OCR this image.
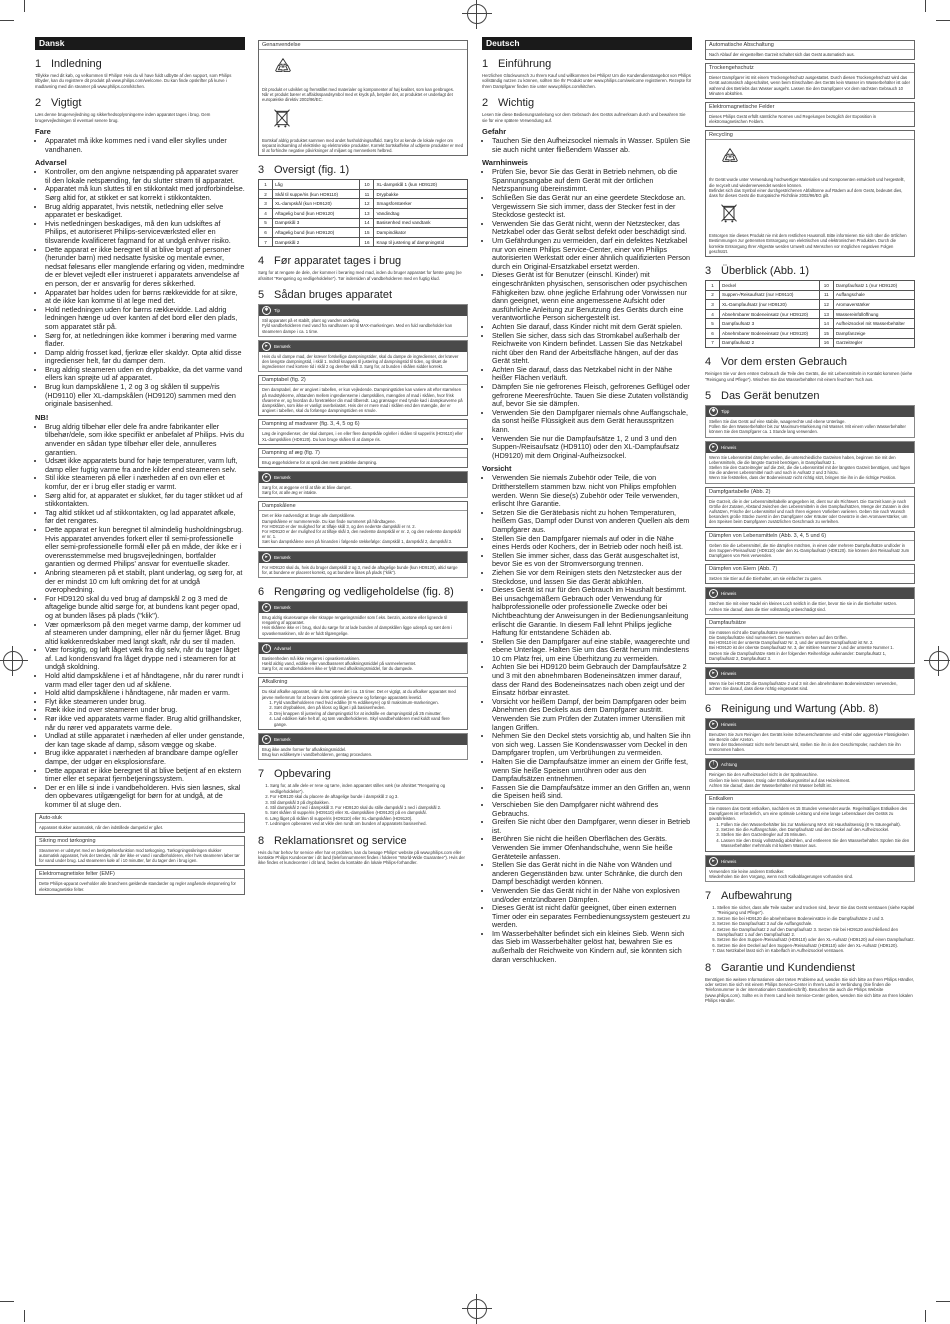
Dansk
1 Indledning

Tillykke med dit køb, og velkommen til Philips! Hvis du vil have fuldt udbytte af den support, som Philips tilbyder, kan du registrere dit produkt på www.philips.com/welcome. Du kan finde opskrifter på kurve i madlavning med din steamer på www.philips.com/kitchen.

2 Vigtigt

Læs denne brugervejledning og sikkerhedsoplysningerne inden apparatet tages i brug. Gem brugervejledningen til eventuel senere brug.

Fare
• Apparatet må ikke kommes ned i vand eller skylles under vandhanen.
Advarsel
• Kontroller, om den angivne netspænding på apparatet svarer til den lokale netspænding, før du slutter strøm til apparatet.
• Apparatet må kun sluttes til en stikkontakt med jordforbindelse. Sørg altid for, at stikket er sat korrekt i stikkontakten.
• Brug aldrig apparatet, hvis netstik, netledning eller selve apparatet er beskadiget.
• Hvis netledningen beskadiges, må den kun udskiftes af Philips, et autoriseret Philips-serviceværksted eller en tilsvarende kvalificeret fagmand for at undgå enhver risiko.
• Dette apparat er ikke beregnet til at blive brugt af personer (herunder børn) med nedsatte fysiske og mentale evner, nedsat følesans eller manglende erfaring og viden, medmindre de er blevet vejledt eller instrueret i apparatets anvendelse af en person, der er ansvarlig for deres sikkerhed.
• Apparatet bør holdes uden for børns rækkevidde for at sikre, at de ikke kan komme til at lege med det.
• Hold netledningen uden for børns rækkevidde. Lad aldrig ledningen hænge ud over kanten af det bord eller den plads, som apparatet står på.
• Sørg for, at netledningen ikke kommer i berøring med varme flader.
• Damp aldrig frosset kød, fjerkræ eller skaldyr. Optø altid disse ingredienser helt, før du damper dem.
• Brug aldrig steameren uden en drypbakke, da det varme vand ellers kan sprøjte ud af apparatet.
• Brug kun dampskålene 1, 2 og 3 og skålen til suppe/ris (HD9110) eller XL-dampskålen (HD9120) sammen med den originale basisenhed.
NB!
• Brug aldrig tilbehør eller dele fra andre fabrikanter eller tilbehør/dele, som ikke specifikt er anbefalet af Philips. Hvis du anvender en sådan type tilbehør eller dele, annulleres garantien.
• Udsæt ikke apparatets bund for høje temperaturer, varm luft, damp eller fugtig varme fra andre kilder end steameren selv.
• Stil ikke steameren på eller i nærheden af en ovn eller et komfur, der er i brug eller stadig er varmt.
• Sørg altid for, at apparatet er slukket, før du tager stikket ud af stikkontakten.
• Tag altid stikket ud af stikkontakten, og lad apparatet afkøle, før det rengøres.
• Dette apparat er kun beregnet til almindelig husholdningsbrug. Hvis apparatet anvendes forkert eller til semi-professionelle eller semi-professionelle formål eller på en måde, der ikke er i overensstemmelse med brugsvejledningen, bortfalder garantien og dermed Philips' ansvar for eventuelle skader.
• Anbring steameren på et stabilt, plant underlag, og sørg for, at der er mindst 10 cm luft omkring det for at undgå overophedning.
• For HD9120 skal du ved brug af dampskål 2 og 3 med de aftagelige bunde altid sørge for, at bundens kant peger opad, og at bunden låses på plads ("klik").
• Vær opmærksom på den meget varme damp, der kommer ud af steameren under dampning, eller når du fjerner låget. Brug altid køkkenredskaber med langt skaft, når du ser til maden.
• Vær forsigtig, og løft låget væk fra dig selv, når du tager låget af. Lad kondensvand fra låget dryppe ned i steameren for at undgå skoldning.
• Hold altid dampskålene i et af håndtagene, når du rører rundt i varm mad eller tager den ud af skålene.
• Hold altid dampskålene i håndtagene, når maden er varm.
• Flyt ikke steameren under brug.
• Ræk ikke ind over steameren under brug.
• Rør ikke ved apparatets varme flader. Brug altid grillhandsker, når du rører ved apparatets varme dele.
• Undlad at stille apparatet i nærheden af eller under genstande, der kan tage skade af damp, såsom vægge og skabe.
• Brug ikke apparatet i nærheden af brandbare dampe og/eller dampe, der udgør en eksplosionsfare.
• Dette apparat er ikke beregnet til at blive betjent af en ekstern timer eller et separat fjernbetjeningssystem.
• Der er en lille si inde i vandbeholderen. Hvis sien løsnes, skal den opbevares utilgængeligt for børn for at undgå, at de kommer til at sluge den.
Auto-sluk
Apparatet slukker automatisk, når den indstillede dampetid er gået.
Sikring mod tørkogning
Steameren er udstyret med en beskyttelsesfunktion mod tørkogning. Tørkogningssikringen slukker automatisk apparatet, hvis der tændes, når der ikke er vand i vandbeholderen, eller hvis steameren løber tør for vand under brug. Lad steameren køle af i 10 minutter, før du tager den i brug igen.
Elektromagnetiske felter (EMF)
Dette Philips-apparat overholder alle branchens gældende standarder og regler angående eksponering for elektromagnetiske felter.
Genanvendelse
Dit produkt er udviklet og fremstillet med materialer og komponenter af høj kvalitet, som kan genbruges.
Når et produkt bærer et affaldsspandsymbol med et kryds på, betyder det, at produktet er underlagt det europæiske direktiv 2002/96/EC.
Bortskaf aldrig produktet sammen med andet husholdningsaffald. Sørg for at kende de lokale regler om separat indsamling af elektriske og elektroniske produkter. Korrekt bortskaffelse af udtjente produkter er med til at forhindre negative påvirkninger af miljøet og menneskers helbred.
3 Oversigt (fig. 1)
1	Låg	10	XL-dampskål 1 (kun HD9120)
2	Skål til suppe/ris (kun HD9110)	11	Drypbakke
3	XL-dampskål (kun HD9120)	12	Smagsforstærker
4	Aftagelig bund (kun HD9120)	13	Vandindtag
5	Dampskål 3	14	Basisenhed med vandtank
6	Aftagelig bund (kun HD9120)	15	Dampindikator
7	Dampskål 2	16	Knap til justering af dampningstid
4 Før apparatet tages i brug

Sørg for at rengøre de dele, der kommer i berøring med mad, inden du bruger apparatet for første gang (se afsnittet "Rengøring og vedligeholdelse"). Tør indersiden af vandbeholderen med en fugtig klud.

5 Sådan bruges apparatet
✱	Tip
Stil apparatet på et stabilt, plant og vandret underlag.
Fyld vandbeholderen med vand fra vandhanen op til MAX-markeringen. Med en fuld vandbeholder kan steameren dampe i ca. 1 time.
▸	Bemærk
Hvis du vil dampe mad, der kræver forskellige dampningstider, skal du dampe de ingredienser, der kræver den længste dampningstid, i skål 1. Indstil knappen til justering af dampningstid til tiden, og tilsæt de ingredienser med kortere tid i skål 2 og derefter skål 3. Sørg for, at bunden i skålen sidder korrekt.
Damptabel (fig. 2)
Den damptabel, der er angivet i tabellen, er kun vejledende. Dampningstiden kan variere alt efter størrelsen på madstykkerne, afstanden mellem ingredienserne i dampskålen, mængden af mad i skålen, hvor frisk råvarerne er, og hvordan du foretrækker din mad tilberedt. Lag grønsager med tynde kød i dampkurverne på dampskålen, som ikke er vanligt overbelastet. Hvis der er mere mad i skålen end den mængde, der er angivet i tabellen, skal du forlænge dampningstiden en smule.
Dampning af madvarer (fig. 3, 4, 5 og 6)
Læg de ingredienser, der skal dampes, i en eller flere dampskåle og/eller i skålen til suppe/ris (HD9110) eller XL-dampskålen (HD9120). Du kan bruge skålen til at dampe ris.
Dampning af æg (fig. 7)
Brug æggeholderne for at opnå den mest praktiske dampning.
▸	Bemærk
Sørg for, at æggene er til at tåle at blive dampet.
Sørg for, at alle æg er intakte.
Dampskålene
Det er ikke nødvendigt at bruge alle dampskålene.
Dampskålene er nummererede. Du kan finde nummeret på håndtagene.
For HD9110 er der mulighed for at tilføje skål 3, og den nederste dampskål er nr. 2.
For HD9120 er der mulighed for at tilføje skål 3, den nederste dampskål er nr. 2, og den nederste dampskål er nr. 1.
Sæt kun dampskålene oven på hinanden i følgende rækkefølge: dampskål 1, dampskål 2, dampskål 3.
▸	Bemærk
For HD9120 skal du, hvis du bruger dampskål 2 og 3, med de aftagelige bunde (kun HD9120), altid sørge for, at bundene er placeret korrekt, og at bundene låses på plads ("klik").
6 Rengøring og vedligeholdelse (fig. 8)
▸	Bemærk
Brug aldrig skuresvampe eller skrappe rengøringsmidler som f.eks. benzin, acetone eller lignende til rengøring af apparatet.
Hvis skålene ikke er i brug, skal du sørge for at lade bunden af dampskålen ligge udenpå og sæt dem i opvaskemaskinen, når de er fuldt tilgængelige.
!	Advarsel
Basisenheden må ikke rengøres i opvaskemaskinen.
Hæld aldrig vand, eddike eller vandbasseret afkalkningsmiddel på varmeelementet.
Sørg for, at vandbeholderen ikke er fyldt med afkalkningsmiddel, før du dampede.
Afkalkning
Du skal afkalke apparatet, når du har været det i ca. 15 timer. Det er vigtigt, at du afkalker apparatet med jævne mellemrum for at bevare dets optimale ydeevne og forlænge apparatets levetid.
1. Fyld vandbeholderen med hvid eddike (8 % eddikesyre) op til maksimum-markeringen.
2. Sæt drypbakken, den på kloss og låget i på basisenheden.
3. Drej knappen til justering af dampningstid for at indstille en dampningstid på 25 minutter.
4. Lad eddiken køle helt af, og tøm vandbeholderen. Skyl vandbeholderen med koldt vand flere gange.
▸	Bemærk
Brug ikke andre former for afkalkningsmiddel.
Brug kun eddikesyre i vandbeholderen, gentag proceduren.
7 Opbevaring
1. Sørg for, at alle dele er rene og tørre, inden apparatet stilles væk (se afsnittet "Rengøring og vedligeholdelse").
2. For HD9120 skal du placere de aftagelige bunde i dampskål 2 og 3.
3. Stil dampskål 3 på drypbakken.
4. Stil dampskål 2 ned i dampskål 3. For HD9120 skal du stille dampskål 1 ned i dampskål 2.
5. Sæt skålen til suppe/ris (HD9110) eller XL-dampskålen (HD9120) på en dampskål.
6. Læg låget på skålen til suppe/ris (HD9110) eller XL-dampskålen (HD9120).
7. Ledningen opbevares ved at vikle den rundt om bunden af apparatets basisenhed.
8 Reklamationsret og service

Hvis du har behov for service eller har et problem, kan du besøge Philips' website på www.philips.com eller kontakte Philips Kundecenter i dit land (telefonnummeret findes i folderen "World-Wide Guarantee"). Hvis der ikke findes et kundecenter i dit land, bedes du kontakte din lokale Philips-forhandler.

Deutsch
1 Einführung

Herzlichen Glückwunsch zu Ihrem Kauf und willkommen bei Philips! Um die Kundendienstangebot von Philips vollständig nutzen zu können, sollten Sie Ihr Produkt unter www.philips.com/welcome registrieren. Rezepte für Ihren Dampfgarer finden Sie unter www.philips.com/kitchen.

2 Wichtig

Lesen Sie diese Bedienungsanleitung vor dem Gebrauch des Geräts aufmerksam durch und bewahren Sie sie für eine spätere Verwendung auf.

Gefahr
• Tauchen Sie den Aufheizsockel niemals in Wasser. Spülen Sie sie auch nicht unter fließendem Wasser ab.
Warnhinweis
• Prüfen Sie, bevor Sie das Gerät in Betrieb nehmen, ob die Spannungsangabe auf dem Gerät mit der örtlichen Netzspannung übereinstimmt.
• Schließen Sie das Gerät nur an eine geerdete Steckdose an. Vergewissern Sie sich immer, dass der Stecker fest in der Steckdose gesteckt ist.
• Verwenden Sie das Gerät nicht, wenn der Netzstecker, das Netzkabel oder das Gerät selbst defekt oder beschädigt sind.
• Um Gefährdungen zu vermeiden, darf ein defektes Netzkabel nur von einem Philips Service-Center, einer von Philips autorisierten Werkstatt oder einer ähnlich qualifizierten Person durch ein Original-Ersatzkabel ersetzt werden.
• Dieses Gerät ist für Benutzer (einschl. Kinder) mit eingeschränkten physischen, sensorischen oder psychischen Fähigkeiten bzw. ohne jegliche Erfahrung oder Vorwissen nur dann geeignet, wenn eine angemessene Aufsicht oder ausführliche Anleitung zur Benutzung des Geräts durch eine verantwortliche Person sichergestellt ist.
• Achten Sie darauf, dass Kinder nicht mit dem Gerät spielen.
• Stellen Sie sicher, dass sich das Stromkabel außerhalb der Reichweite von Kindern befindet. Lassen Sie das Netzkabel nicht über den Rand der Arbeitsfläche hängen, auf der das Gerät steht.
• Achten Sie darauf, dass das Netzkabel nicht in der Nähe heißer Flächen verläuft.
• Dämpfen Sie nie gefrorenes Fleisch, gefrorenes Geflügel oder gefrorene Meeresfrüchte. Tauen Sie diese Zutaten vollständig auf, bevor Sie sie dämpfen.
• Verwenden Sie den Dampfgarer niemals ohne Auffangschale, da sonst heiße Flüssigkeit aus dem Gerät herausspritzen kann.
• Verwenden Sie nur die Dampfaufsätze 1, 2 und 3 und den Suppen-/Reisaufsatz (HD9110) oder den XL-Dampfaufsatz (HD9120) mit dem Original-Aufheizsockel.
Vorsicht
• Verwenden Sie niemals Zubehör oder Teile, die von Drittherstellern stammen bzw. nicht von Philips empfohlen werden. Wenn Sie diese(s) Zubehör oder Teile verwenden, erlischt Ihre Garantie.
• Setzen Sie die Gerätebasis nicht zu hohen Temperaturen, heißem Gas, Dampf oder Dunst von anderen Quellen als dem Dampfgarer aus.
• Stellen Sie den Dampfgarer niemals auf oder in die Nähe eines Herds oder Kochers, der in Betrieb oder noch heiß ist.
• Stellen Sie immer sicher, dass das Gerät ausgeschaltet ist, bevor Sie es von der Stromversorgung trennen.
• Ziehen Sie vor dem Reinigen stets den Netzstecker aus der Steckdose, und lassen Sie das Gerät abkühlen.
• Dieses Gerät ist nur für den Gebrauch im Haushalt bestimmt. Bei unsachgemäßem Gebrauch oder Verwendung für halbprofessionelle oder professionelle Zwecke oder bei Nichtbeachtung der Anweisungen in der Bedienungsanleitung erlischt die Garantie. In diesem Fall lehnt Philips jegliche Haftung für entstandene Schäden ab.
• Stellen Sie den Dampfgarer auf eine stabile, waagerechte und ebene Unterlage. Halten Sie um das Gerät herum mindestens 10 cm Platz frei, um eine Überhitzung zu vermeiden.
• Achten Sie bei HD9120 beim Gebrauch der Dampfaufsätze 2 und 3 mit den abnehmbaren Bodeneinsätzen immer darauf, dass der Rand des Bodeneinsatzes nach oben zeigt und der Einsatz hörbar einrastet.
• Vorsicht vor heißem Dampf, der beim Dampfgaren oder beim Abnehmen des Deckels aus dem Dampfgarer austritt. Verwenden Sie zum Prüfen der Zutaten immer Utensilien mit langen Griffen.
• Nehmen Sie den Deckel stets vorsichtig ab, und halten Sie ihn von sich weg. Lassen Sie Kondenswasser vom Deckel in den Dampfgarer tropfen, um Verbrühungen zu vermeiden.
• Halten Sie die Dampfaufsätze immer an einem der Griffe fest, wenn Sie heiße Speisen umrühren oder aus den Dampfaufsätzen entnehmen.
• Fassen Sie die Dampfaufsätze immer an den Griffen an, wenn die Speisen heiß sind.
• Verschieben Sie den Dampfgarer nicht während des Gebrauchs.
• Greifen Sie nicht über den Dampfgarer, wenn dieser in Betrieb ist.
• Berühren Sie nicht die heißen Oberflächen des Geräts. Verwenden Sie immer Ofenhandschuhe, wenn Sie heiße Geräteteile anfassen.
• Stellen Sie das Gerät nicht in die Nähe von Wänden und anderen Gegenständen bzw. unter Schränke, die durch den Dampf beschädigt werden können.
• Verwenden Sie das Gerät nicht in der Nähe von explosiven und/oder entzündbaren Dämpfen.
• Dieses Gerät ist nicht dafür geeignet, über einen externen Timer oder ein separates Fernbedienungssystem gesteuert zu werden.
• Im Wasserbehälter befindet sich ein kleines Sieb. Wenn sich das Sieb im Wasserbehälter gelöst hat, bewahren Sie es außerhalb der Reichweite von Kindern auf, sie könnten sich daran verschlucken.
Automatische Abschaltung
Nach Ablauf der eingestellten Garzeit schaltet sich das Gerät automatisch aus.
Trockengehschutz
Dieser Dampfgarer ist mit einem Trockengehschutz ausgestattet. Durch diesen Trockengehschutz wird das Gerät automatisch abgeschaltet, wenn beim Einschalten des Geräts kein Wasser im Wasserbehälter ist oder während des Betriebs das Wasser ausgeht. Lassen Sie den Dampfgarer vor dem nächsten Gebrauch 10 Minuten abkühlen.
Elektromagnetische Felder
Dieses Philips Gerät erfüllt sämtliche Normen und Regelungen bezüglich der Exposition in elektromagnetischen Feldern.
Recycling
Ihr Gerät wurde unter Verwendung hochwertiger Materialien und Komponenten entwickelt und hergestellt, die recycelt und wiederverwendet werden können.
Befindet sich das Symbol einer durchgestrichenen Abfalltonne auf Rädern auf dem Gerät, bedeutet dies, dass für dieses Gerät die Europäische Richtlinie 2002/96/EG gilt.
Entsorgen Sie dieses Produkt nie mit dem restlichen Hausmüll. Bitte informieren Sie sich über die örtlichen Bestimmungen zur getrennten Entsorgung von elektrischen und elektronischen Produkten. Durch die korrekte Entsorgung Ihrer Altgeräte werden Umwelt und Menschen vor möglichen negativen Folgen geschützt.
3 Überblick (Abb. 1)
1	Deckel	10	Dampfaufsatz 1 (nur HD9120)
2	Suppen-/Reisaufsatz (nur HD9110)	11	Auffangschale
3	XL-Dampfaufsatz (nur HD9120)	12	Aromaverstärker
4	Abnehmbarer Bodeneinsatz (nur HD9120)	13	Wassereinfüllöffnung
5	Dampfaufsatz 3	14	Aufheizsockel mit Wasserbehälter
6	Abnehmbarer Bodeneinsatz (nur HD9120)	15	Dampfanzeige
7	Dampfaufsatz 2	16	Garzeitregler
4 Vor dem ersten Gebrauch

Reinigen Sie vor dem ersten Gebrauch die Teile des Geräts, die mit Lebensmitteln in Kontakt kommen (siehe "Reinigung und Pflege"). Wischen Sie das Wasserbehälter mit einem feuchten Tuch aus.

5 Das Gerät benutzen
✱	Tipp
Stellen Sie das Gerät auf eine stabile, waagerechte und ebene Unterlage.
Füllen Sie den Wasserbehälter bis zur Maximum-Markierung mit Wasser. Mit einem vollen Wasserbehälter können Sie den Dampfgarer ca. 1 Stunde lang verwenden.
▸	Hinweis
Wenn Sie Lebensmittel dämpfen wollen, die unterschiedliche Garzeiten haben, beginnen Sie mit den Lebensmitteln, die die längste Garzeit benötigen, in Dampfaufsatz 1.
Stellen Sie den Garzeitregler auf die Zeit, die die Lebensmittel mit der längsten Garzeit benötigen, und fügen Sie die anderen Lebensmittel nach und nach in Aufsatz 2 und 3 hinzu.
Wenn Sie feststellen, dass der Bodeneinsatz nicht richtig sitzt, bringen Sie ihn in die richtige Position.
Dampfgartabelle (Abb. 2)
Die Garzeit, die in der Lebensmitteltabelle angegeben ist, dient nur als Richtwert. Die Garzeit kann je nach Größe der Zutaten, Abstand zwischen den Lebensmitteln in den Dampfaufsätzen, Menge der Zutaten in den Aufsätzen, Frische der Lebensmittel und nach Ihren eigenen Vorlieben variieren. Geben Sie nach Wunsch besonders große Stücke zuerst in den Dampfgarer oder Kräuter oder Gewürze in den Aromaverstärker, um den Speisen beim Dampfgaren zusätzlichen Geschmack zu verleihen.
Dämpfen von Lebensmitteln (Abb. 3, 4, 5 und 6)
Geben Sie die Lebensmittel, die Sie dämpfen möchten, in einen oder mehrere Dampfaufsätze und/oder in den Suppen-/Reisaufsatz (HD9110) oder den XL-Dampfaufsatz (HD9120). Sie können den Reisaufsatz zum Dampfgaren von Reis verwenden.
Dämpfen von Eiern (Abb. 7)
Setzen Sie Eier auf die Eierhalter, um sie einfacher zu garen.
▸	Hinweis
Stechen Sie mit einer Nadel ein kleines Loch seitlich in die Eier, bevor Sie sie in die Eierhalter setzen.
Achten Sie darauf, dass die Eier vollständig unbeschädigt sind.
Dampfaufsätze
Sie müssen nicht alle Dampfaufsätze verwenden.
Die Dampfaufsätze sind nummeriert. Die Nummern stehen auf den Griffen.
Bei HD9110 ist der unterste Dampfaufsatz Nr. 3, und der unterste Dampfaufsatz ist Nr. 2.
Bei HD9120 ist der oberste Dampfaufsatz Nr. 3, der mittlere Nummer 2 und der unterste Nummer 1.
Setzen Sie die Dampfaufsätze stets in der folgenden Reihenfolge aufeinander: Dampfaufsatz 1, Dampfaufsatz 2, Dampfaufsatz 3.
▸	Hinweis
Wenn Sie bei HD9120 die Dampfaufsätze 2 und 3 mit den abnehmbaren Bodeneinsätzen verwenden, achten Sie darauf, dass diese richtig eingerastet sind.
6 Reinigung und Wartung (Abb. 8)
▸	Hinweis
Benutzen Sie zum Reinigen des Geräts keine Scheuerschwämme und -mittel oder aggressive Flüssigkeiten wie Benzin oder Azeton.
Wenn der Bodeneinsatz nicht mehr benutzt wird, stellen Sie ihn in den Geschirrspüler, nachdem Sie ihn entnommen haben.
!	Achtung
Reinigen Sie den Aufheizsockel nicht in der Spülmaschine.
Gießen Sie kein Wasser, Essig oder Entkalkungsmittel auf das Heizelement.
Achten Sie darauf, dass der Wasserbehälter mit Wasser befüllt ist.
Entkalken
Sie müssen das Gerät entkalken, nachdem es 15 Stunden verwendet wurde. Regelmäßiges Entkalken des Dampfgarers ist erforderlich, um eine optimale Leistung und eine lange Lebensdauer des Geräts zu gewährleisten.
1. Füllen Sie den Wasserbehälter bis zur Markierung MAX mit Haushaltsessig (8 % Säuregehalt).
2. Setzen Sie die Auffangschale, den Dampfaufsatz und den Deckel auf den Aufheizsockel.
3. Stellen Sie den Garzeitregler auf 25 Minuten.
4. Lassen Sie den Essig vollständig abkühlen, und entleeren Sie den Wasserbehälter. Spülen Sie den Wasserbehälter mehrmals mit kaltem Wasser aus.
▸	Hinweis
Verwenden Sie keine anderen Entkalker.
Wiederholen Sie den Vorgang, wenn noch Kalkablagerungen vorhanden sind.
7 Aufbewahrung
1. Stellen Sie sicher, dass alle Teile sauber und trocken sind, bevor Sie das Gerät verstauen (siehe Kapitel "Reinigung und Pflege").
2. Setzen Sie bei HD9120 die abnehmbaren Bodeneinsätze in die Dampfaufsätze 2 und 3.
3. Setzen Sie Dampfaufsatz 3 auf die Auffangschale.
4. Setzen Sie Dampfaufsatz 2 auf den Dampfaufsatz 3. Setzen Sie bei HD9120 anschließend den Dampfaufsatz 1 auf den Dampfaufsatz 2.
5. Setzen Sie den Suppen-/Reisaufsatz (HD9110) oder den XL-Aufsatz (HD9120) auf einen Dampfaufsatz.
6. Setzen Sie den Deckel auf den Suppen-/Reisaufsatz (HD9110) oder den XL-Aufsatz (HD9120).
7. Das Netzkabel lässt sich im Kabelfach im Aufheizsockel verstauen.
8 Garantie und Kundendienst

Benötigen Sie weitere Informationen oder treten Probleme auf, wenden Sie sich bitte an Ihren Philips Händler, oder setzen Sie sich mit einem Philips Service-Center in Ihrem Land in Verbindung (Sie finden die Telefonnummer in der internationalen Garantieschrift). Besuchen Sie auch die Philips Website (www.philips.com). Sollte es in Ihrem Land kein Service-Center geben, wenden Sie sich bitte an Ihren lokalen Philips Händler.
